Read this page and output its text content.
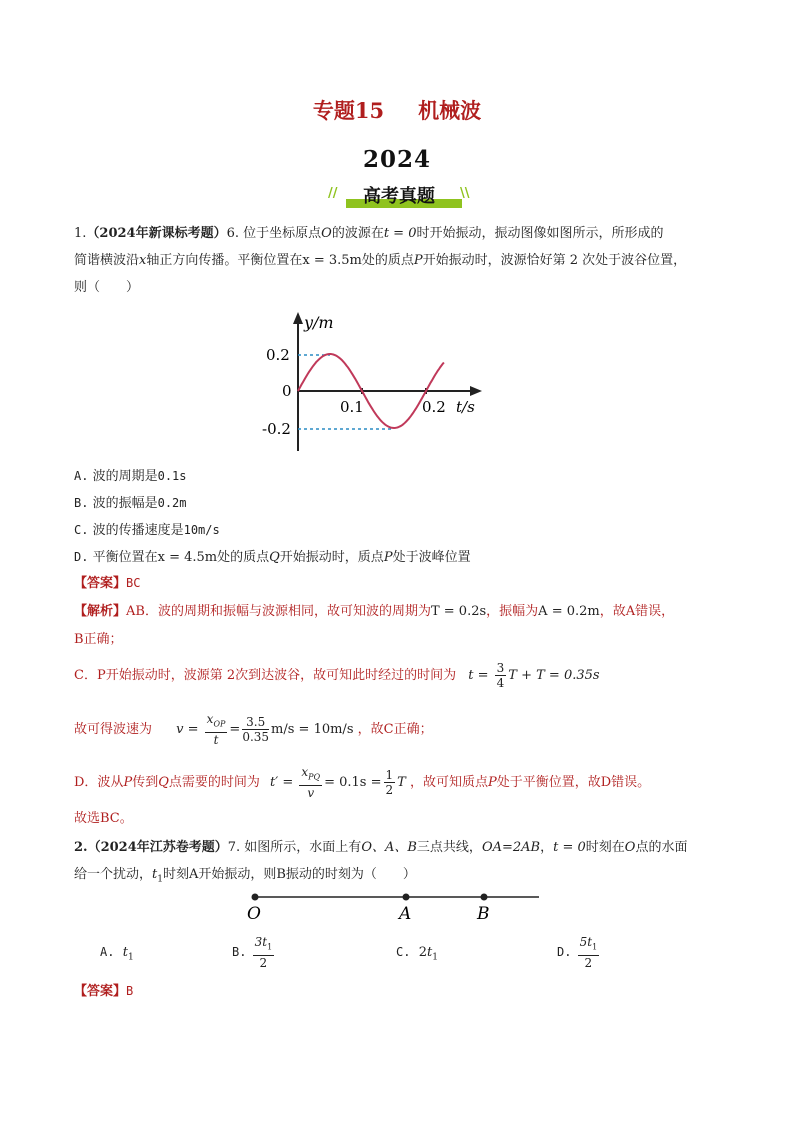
专题15 机械波
2024
//	高考真题	\\
1.（2024年新课标考题）6. 位于坐标原点O的波源在t = 0时开始振动，振动图像如图所示，所形成的
简谐横波沿x轴正方向传播。平衡位置在x = 3.5m处的质点P开始振动时，波源恰好第 2 次处于波谷位置，
则（　　）
y/m
0.2
0
-0.2
0.1	0.2 t/s
A. 波的周期是0.1s
B. 波的振幅是0.2m
C. 波的传播速度是10m/s
D. 平衡位置在x = 4.5m处的质点Q开始振动时，质点P处于波峰位置
【答案】BC
【解析】AB．波的周期和振幅与波源相同，故可知波的周期为T = 0.2s，振幅为A = 0.2m，故A错误，
B正确；
C．P开始振动时，波源第 2次到达波谷，故可知此时经过的时间为 $t = \frac{3}{4}$ T + T = 0.35s
故可得波速为 $v = \frac{x_{OP}}{t} = \frac{3.5}{0.35} m/s = 10m/s$ ，故C正确；
D．波从P传到Q点需要的时间为 $t' = \frac{x_{PQ}}{v} = 0.1s = \frac{1}{2}$ T ，故可知质点P处于平衡位置，故D错误。
故选BC。
2.（2024年江苏卷考题）7. 如图所示，水面上有O、A、B三点共线，OA=2AB，t = 0时刻在O点的水面
给一个扰动，$t_1$时刻A开始振动，则B振动的时刻为（　　）
O	A	B
A. $t_1$	B. $\frac{3t_1}{2}$	C. $2t_1$	D. $\frac{5t_1}{2}$
【答案】B
